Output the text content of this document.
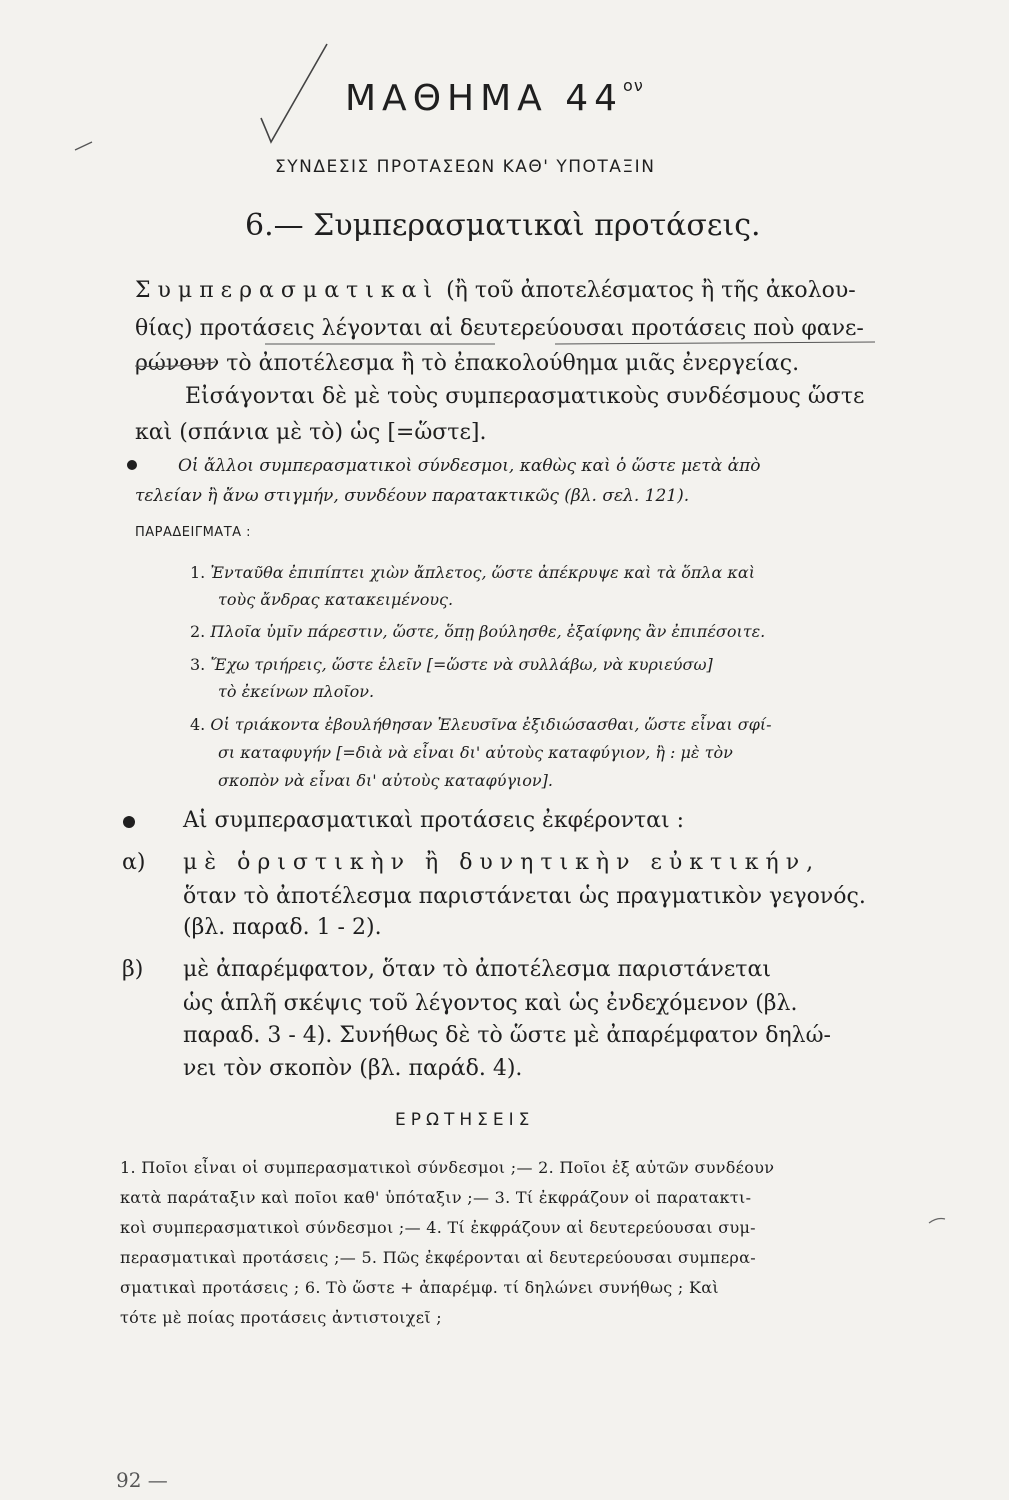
ΜΑΘΗΜΑ $44^{o\nu}$
ΣΥΝΔΕΣΙΣ ΠΡΟΤΑΣΕΩΝ ΚΑΘ' ΥΠΟΤΑΞΙΝ
6.— Συμπερασματικαὶ προτάσεις.
Συμπερασματικαὶ (ἢ τοῦ ἀποτελέσματος ἢ τῆς ἀκολου-
θίας) προτάσεις λέγονται αἱ δευτερεύουσαι προτάσεις ποὺ φανε-
ρώνουν τὸ ἀποτέλεσμα ἢ τὸ ἐπακολούθημα μιᾶς ἐνεργείας.
Εἰσάγονται δὲ μὲ τοὺς συμπερασματικοὺς συνδέσμους ὥστε
καὶ (σπάνια μὲ τὸ) ὡς [=ὥστε].
Οἱ ἄλλοι συμπερασματικοὶ σύνδεσμοι, καθὼς καὶ ὁ ὥστε μετὰ ἀπὸ
τελείαν ἢ ἄνω στιγμήν, συνδέουν παρατακτικῶς (βλ. σελ. 121).
ΠΑΡΑΔΕΙΓΜΑΤΑ :
1. Ἐνταῦθα ἐπιπίπτει χιὼν ἄπλετος, ὥστε ἀπέκρυψε καὶ τὰ ὅπλα καὶ
τοὺς ἄνδρας κατακειμένους.
2. Πλοῖα ὑμῖν πάρεστιν, ὥστε, ὅπῃ βούλησθε, ἐξαίφνης ἂν ἐπιπέσοιτε.
3. Ἔχω τριήρεις, ὥστε ἑλεῖν [=ὥστε νὰ συλλάβω, νὰ κυριεύσω]
τὸ ἐκείνων πλοῖον.
4. Οἱ τριάκοντα ἐβουλήθησαν Ἐλευσῖνα ἐξιδιώσασθαι, ὥστε εἶναι σφί-
σι καταφυγήν [=διὰ νὰ εἶναι δι' αὐτοὺς καταφύγιον, ἢ : μὲ τὸν
σκοπὸν νὰ εἶναι δι' αὐτοὺς καταφύγιον].
Αἱ συμπερασματικαὶ προτάσεις ἐκφέρονται :
α) μὲ ὁριστικὴν ἢ δυνητικὴν εὐκτικήν,
ὅταν τὸ ἀποτέλεσμα παριστάνεται ὡς πραγματικὸν γεγονός.
(βλ. παραδ. 1 - 2).
β) μὲ ἀπαρέμφατον, ὅταν τὸ ἀποτέλεσμα παριστάνεται
ὡς ἁπλῆ σκέψις τοῦ λέγοντος καὶ ὡς ἐνδεχόμενον (βλ.
παραδ. 3 - 4). Συνήθως δὲ τὸ ὥστε μὲ ἀπαρέμφατον δηλώ-
νει τὸν σκοπὸν (βλ. παράδ. 4).
ΕΡΩΤΗΣΕΙΣ
1. Ποῖοι εἶναι οἱ συμπερασματικοὶ σύνδεσμοι ;— 2. Ποῖοι ἐξ αὐτῶν συνδέουν
κατὰ παράταξιν καὶ ποῖοι καθ' ὑπόταξιν ;— 3. Τί ἐκφράζουν οἱ παρατακτι-
κοὶ συμπερασματικοὶ σύνδεσμοι ;— 4. Τί ἐκφράζουν αἱ δευτερεύουσαι συμ-
περασματικαὶ προτάσεις ;— 5. Πῶς ἐκφέρονται αἱ δευτερεύουσαι συμπερα-
σματικαὶ προτάσεις ; 6. Τὸ ὥστε + ἀπαρέμφ. τί δηλώνει συνήθως ; Καὶ
τότε μὲ ποίας προτάσεις ἀντιστοιχεῖ ;
92 —
